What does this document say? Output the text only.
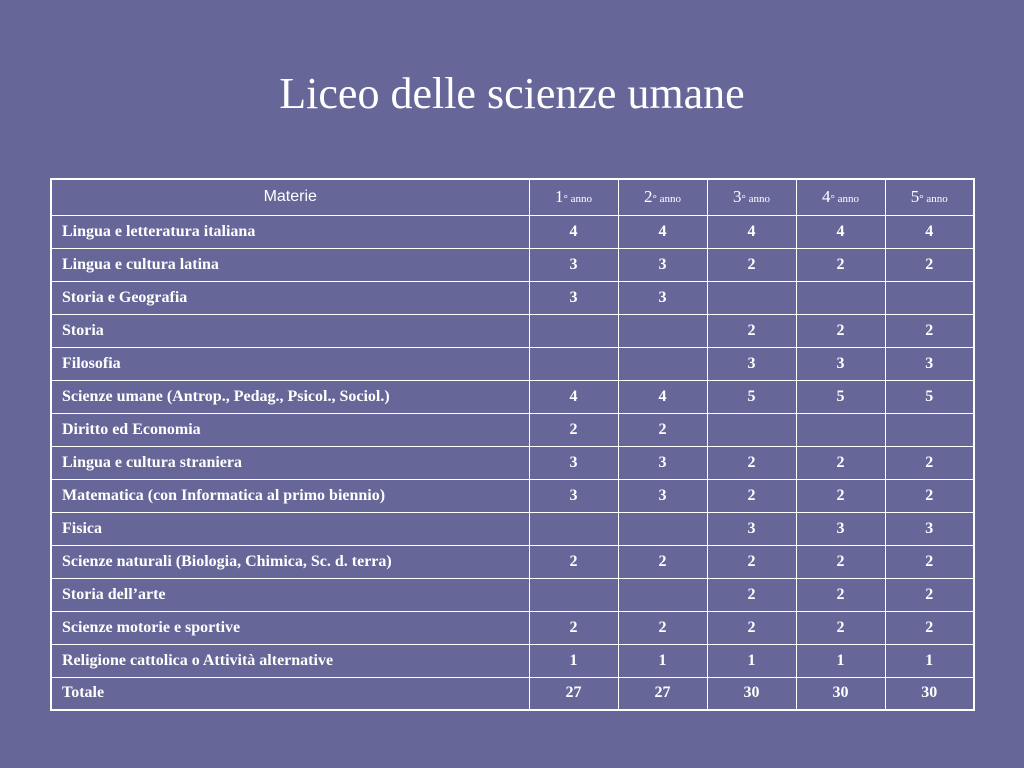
Liceo delle scienze umane
Materie	1° anno	2° anno	3° anno	4° anno	5° anno
Lingua e letteratura italiana	4	4	4	4	4
Lingua e cultura latina	3	3	2	2	2
Storia e Geografia	3	3			
Storia			2	2	2
Filosofia			3	3	3
Scienze umane (Antrop., Pedag., Psicol., Sociol.)	4	4	5	5	5
Diritto ed Economia	2	2			
Lingua e cultura straniera	3	3	2	2	2
Matematica (con Informatica al primo biennio)	3	3	2	2	2
Fisica			3	3	3
Scienze naturali (Biologia, Chimica, Sc. d. terra)	2	2	2	2	2
Storia dell’arte			2	2	2
Scienze motorie e sportive	2	2	2	2	2
Religione cattolica o Attività alternative	1	1	1	1	1
Totale	27	27	30	30	30
